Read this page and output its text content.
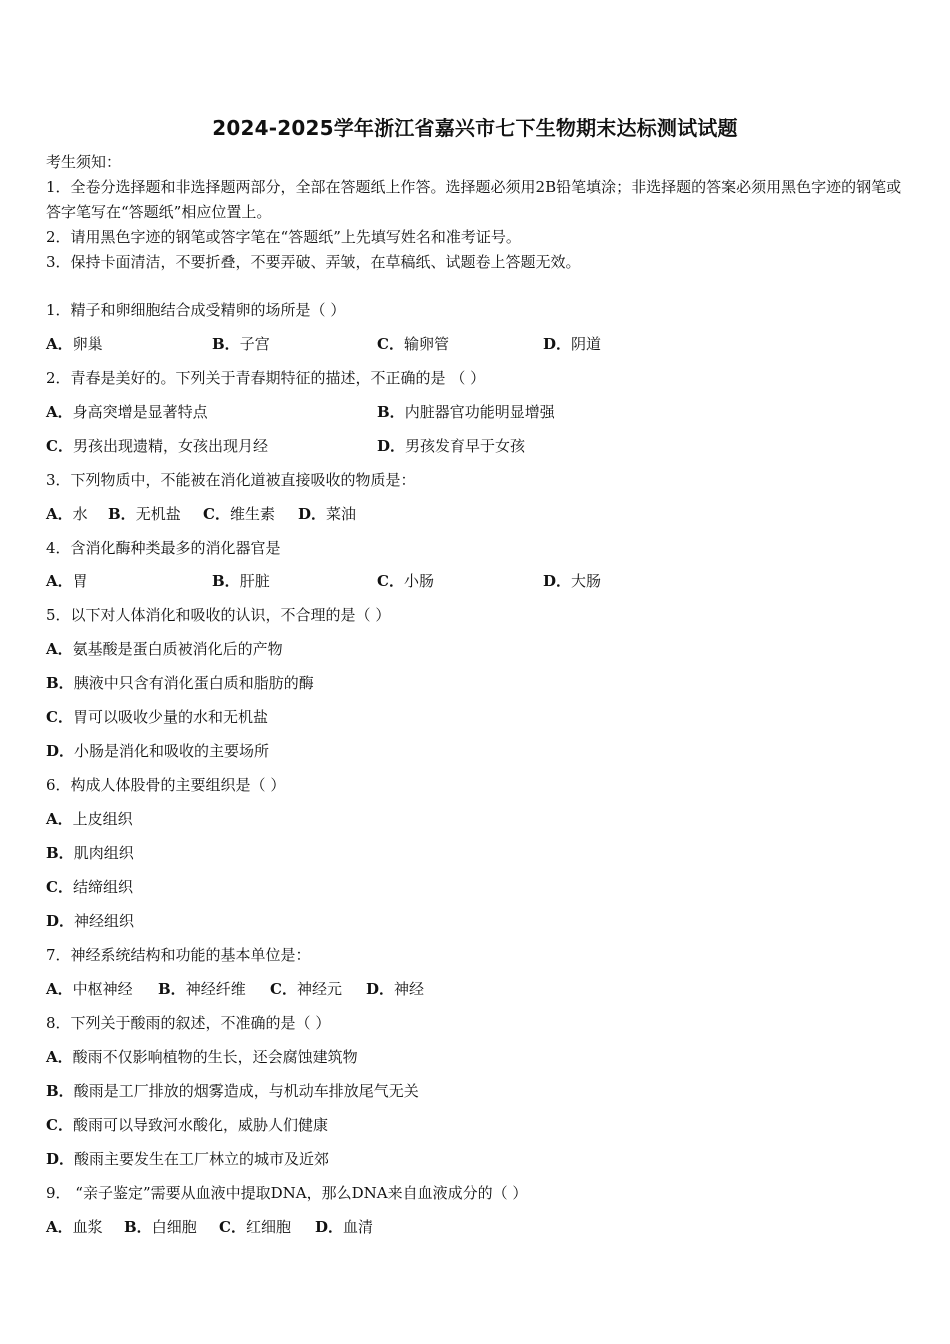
2024-2025学年浙江省嘉兴市七下生物期末达标测试试题
考生须知：
1．全卷分选择题和非选择题两部分，全部在答题纸上作答。选择题必须用2B铅笔填涂；非选择题的答案必须用黑色字迹的钢笔或答字笔写在“答题纸”相应位置上。
2．请用黑色字迹的钢笔或答字笔在“答题纸”上先填写姓名和准考证号。
3．保持卡面清洁，不要折叠，不要弄破、弄皱，在草稿纸、试题卷上答题无效。
1．精子和卵细胞结合成受精卵的场所是（ ）
A．卵巢	B．子宫	C．输卵管	D．阴道
2．青春是美好的。下列关于青春期特征的描述，不正确的是 （ ）
A．身高突增是显著特点	B．内脏器官功能明显增强
C．男孩出现遗精，女孩出现月经	D．男孩发育早于女孩
3．下列物质中，不能被在消化道被直接吸收的物质是：
A．水 B．无机盐 C．维生素 D．菜油
4．含消化酶种类最多的消化器官是
A．胃	B．肝脏	C．小肠	D．大肠
5．以下对人体消化和吸收的认识，不合理的是（ ）
A．氨基酸是蛋白质被消化后的产物
B．胰液中只含有消化蛋白质和脂肪的酶
C．胃可以吸收少量的水和无机盐
D．小肠是消化和吸收的主要场所
6．构成人体股骨的主要组织是（ ）
A．上皮组织
B．肌肉组织
C．结缔组织
D．神经组织
7．神经系统结构和功能的基本单位是：
A．中枢神经 B．神经纤维 C．神经元 D．神经
8．下列关于酸雨的叙述，不准确的是（ ）
A．酸雨不仅影响植物的生长，还会腐蚀建筑物
B．酸雨是工厂排放的烟雾造成，与机动车排放尾气无关
C．酸雨可以导致河水酸化，威胁人们健康
D．酸雨主要发生在工厂林立的城市及近郊
9． “亲子鉴定”需要从血液中提取DNA，那么DNA来自血液成分的（ ）
A．血浆 B．白细胞 C．红细胞 D．血清
